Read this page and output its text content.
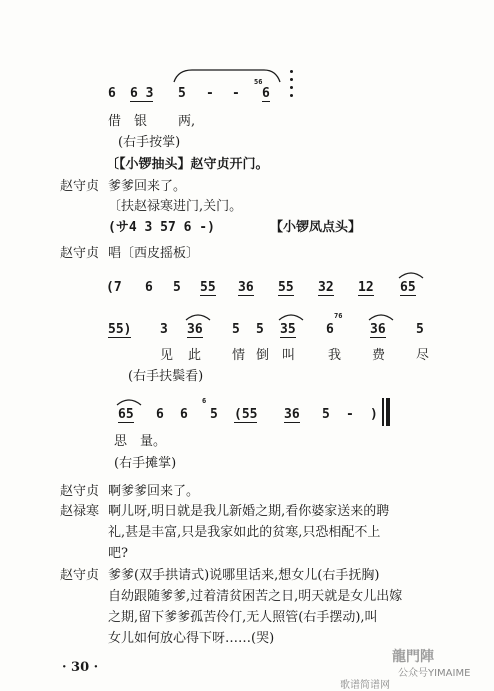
6 6 3 5 - -
56
6
借 银 两,
(右手按掌)
〔【小锣抽头】赵守贞开门。
赵守贞 爹爹回来了。
〔扶赵禄寒进门,关门。
(サ4 3 57 6 -)	【小锣凤点头】
赵守贞 唱〔西皮摇板〕
(7 6 5 55 36 55 32 12 65
55) 3 36 5 5 35
76
6	36 5
见 此 情 倒 叫	我 费 尽
(右手扶鬓看)
65 6 6
6
5 (55 36 5 - )
思 量。
(右手摊掌)
赵守贞 啊爹爹回来了。
赵禄寒 啊儿呀,明日就是我儿新婚之期,看你婆家送来的聘
礼,甚是丰富,只是我家如此的贫寒,只恐相配不上
吧?
赵守贞 爹爹(双手拱请式)说哪里话来,想女儿(右手抚胸)
自幼跟随爹爹,过着清贫困苦之日,明天就是女儿出嫁
之期,留下爹爹孤苦伶仃,无人照管(右手摆动),叫
女儿如何放心得下呀……(哭)
· 30 ·
龍門陣
公众号YIMAIME
歌谱简谱网
